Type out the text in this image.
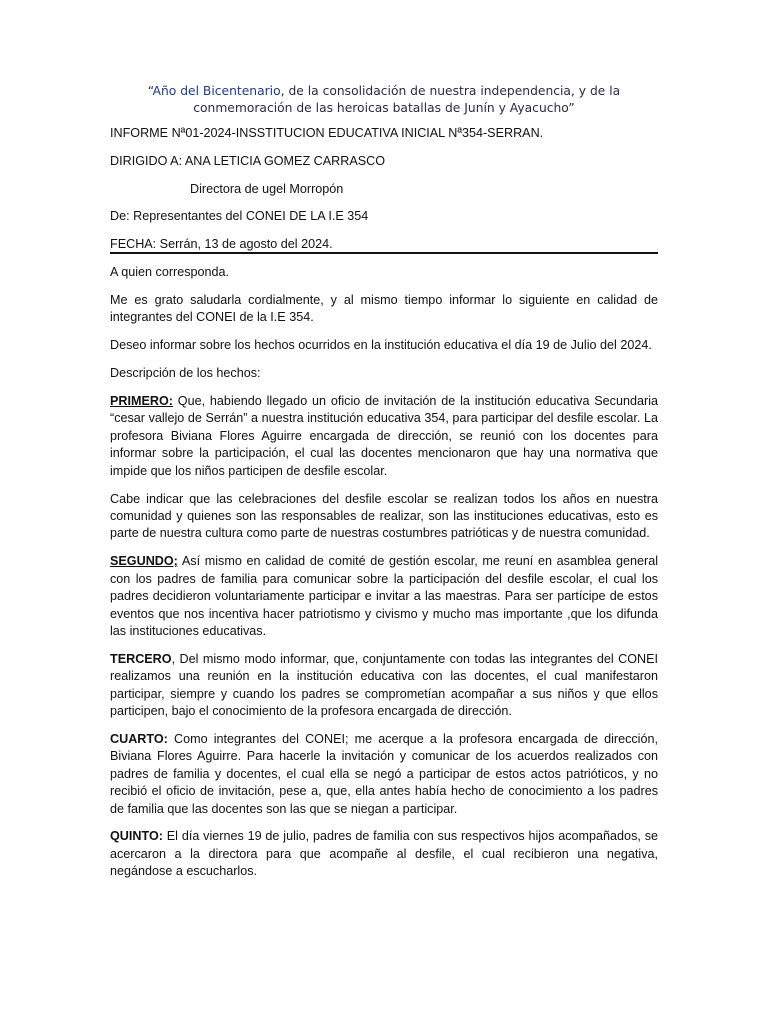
“Año del Bicentenario, de la consolidación de nuestra independencia, y de la conmemoración de las heroicas batallas de Junín y Ayacucho”
INFORME Nª01-2024-INSSTITUCION EDUCATIVA INICIAL Nª354-SERRAN.
DIRIGIDO A: ANA LETICIA GOMEZ CARRASCO
Directora de ugel Morropón
De: Representantes del CONEI DE LA I.E 354
FECHA: Serrán, 13 de agosto del 2024.

A quien corresponda.

Me es grato saludarla cordialmente, y al mismo tiempo informar lo siguiente en calidad de integrantes del CONEI de la I.E 354.

Deseo informar sobre los hechos ocurridos en la institución educativa el día 19 de Julio del 2024.

Descripción de los hechos:

PRIMERO: Que, habiendo llegado un oficio de invitación de la institución educativa Secundaria “cesar vallejo de Serrán” a nuestra institución educativa 354, para participar del desfile escolar. La profesora Biviana Flores Aguirre encargada de dirección, se reunió con los docentes para informar sobre la participación, el cual las docentes mencionaron que hay una normativa que impide que los niños participen de desfile escolar.

Cabe indicar que las celebraciones del desfile escolar se realizan todos los años en nuestra comunidad y quienes son las responsables de realizar, son las instituciones educativas, esto es parte de nuestra cultura como parte de nuestras costumbres patrióticas y de nuestra comunidad.

SEGUNDO; Así mismo en calidad de comité de gestión escolar, me reuní en asamblea general con los padres de familia para comunicar sobre la participación del desfile escolar, el cual los padres decidieron voluntariamente participar e invitar a las maestras. Para ser partícipe de estos eventos que nos incentiva hacer patriotismo y civismo y mucho mas importante ,que los difunda las instituciones educativas.

TERCERO, Del mismo modo informar, que, conjuntamente con todas las integrantes del CONEI realizamos una reunión en la institución educativa con las docentes, el cual manifestaron participar, siempre y cuando los padres se comprometían acompañar a sus niños y que ellos participen, bajo el conocimiento de la profesora encargada de dirección.

CUARTO: Como integrantes del CONEI; me acerque a la profesora encargada de dirección, Biviana Flores Aguirre. Para hacerle la invitación y comunicar de los acuerdos realizados con padres de familia y docentes, el cual ella se negó a participar de estos actos patrióticos, y no recibió el oficio de invitación, pese a, que, ella antes había hecho de conocimiento a los padres de familia que las docentes son las que se niegan a participar.

QUINTO: El día viernes 19 de julio, padres de familia con sus respectivos hijos acompañados, se acercaron a la directora para que acompañe al desfile, el cual recibieron una negativa, negándose a escucharlos.
